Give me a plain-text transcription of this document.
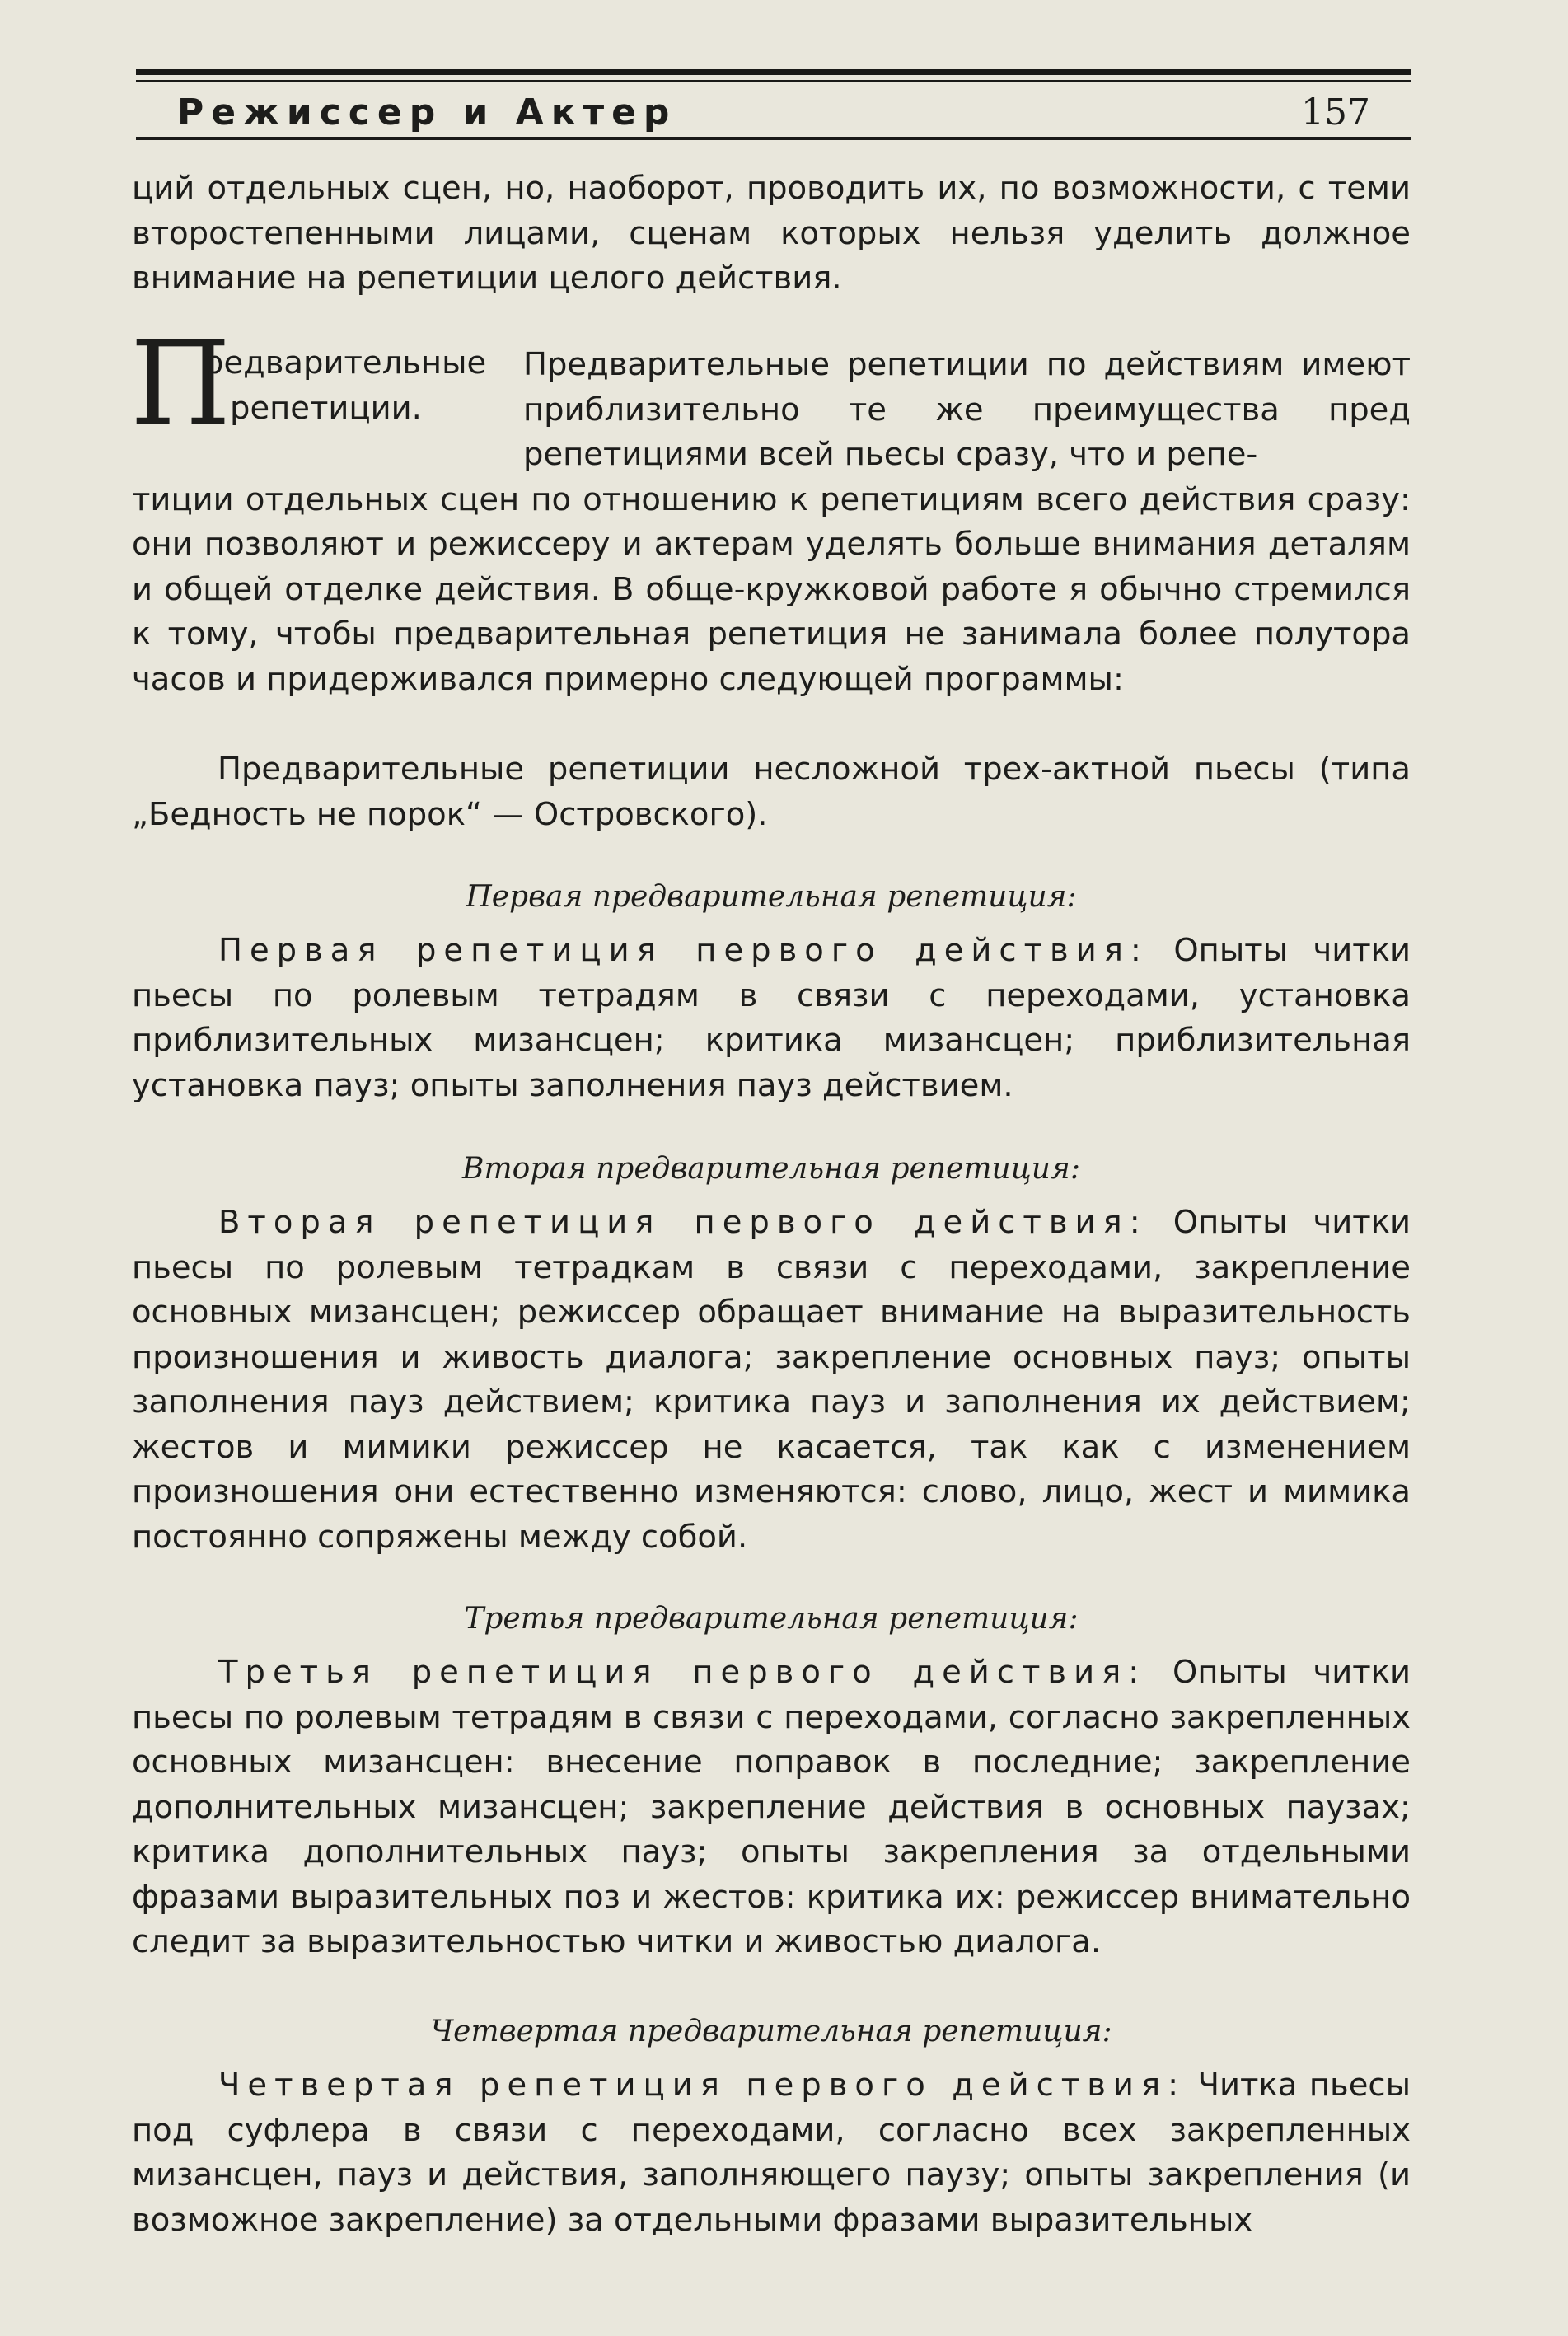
Режиссер и Актер	157
ций отдельных сцен, но, наоборот, проводить их, по возможности, с теми второстепенными лицами, сценам которых нельзя уделить должное внимание на репетиции целого действия.
П
редварительные
репетиции.
Предварительные репетиции по действиям имеют приблизительно те же преимущества пред репетициями всей пьесы сразу, что и репе-
тиции отдельных сцен по отношению к репетициям всего действия сразу: они позволяют и режиссеру и актерам уделять больше внимания деталям и общей отделке действия. В обще-кружковой работе я обычно стремился к тому, чтобы предварительная репетиция не занимала более полутора часов и придерживался примерно следующей программы:
Предварительные репетиции несложной трех-актной пьесы (типа „Бедность не порок“ — Островского).
Первая предварительная репетиция:
Первая репетиция первого действия: Опыты читки пьесы по ролевым тетрадям в связи с переходами, установка приблизительных мизансцен; критика мизансцен; приблизительная установка пауз; опыты заполнения пауз действием.
Вторая предварительная репетиция:
Вторая репетиция первого действия: Опыты читки пьесы по ролевым тетрадкам в связи с переходами, закрепление основных мизансцен; режиссер обращает внимание на выразительность произношения и живость диалога; закрепление основных пауз; опыты заполнения пауз действием; критика пауз и заполнения их действием; жестов и мимики режиссер не касается, так как с изменением произношения они естественно изменяются: слово, лицо, жест и мимика постоянно сопряжены между собой.
Третья предварительная репетиция:
Третья репетиция первого действия: Опыты читки пьесы по ролевым тетрадям в связи с переходами, согласно закрепленных основных мизансцен: внесение поправок в последние; закрепление дополнительных мизансцен; закрепление действия в основных паузах; критика дополнительных пауз; опыты закрепления за отдельными фразами выразительных поз и жестов: критика их: режиссер внимательно следит за выразительностью читки и живостью диалога.
Четвертая предварительная репетиция:
Четвертая репетиция первого действия: Читка пьесы под суфлера в связи с переходами, согласно всех закрепленных мизансцен, пауз и действия, заполняющего паузу; опыты закрепления (и возможное закрепление) за отдельными фразами выразительных
